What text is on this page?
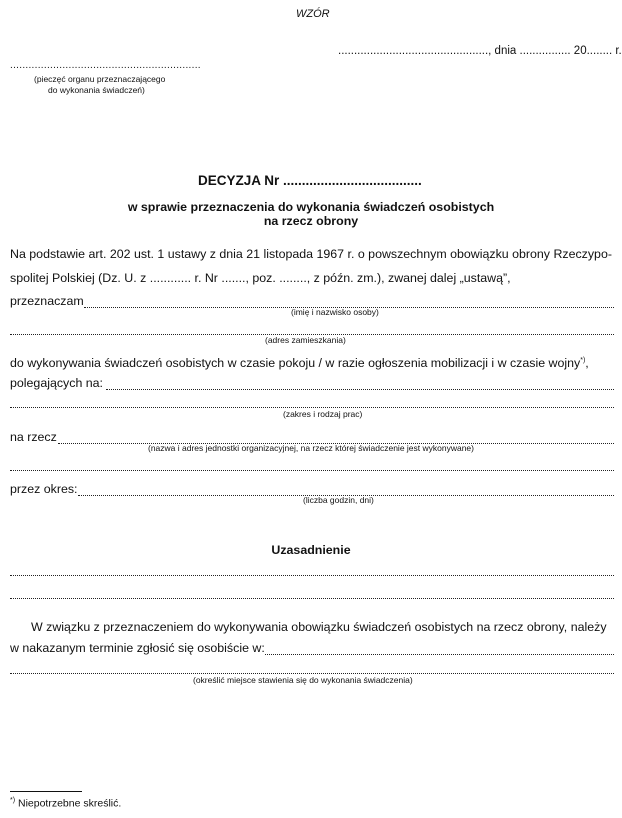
WZÓR
..............................................., dnia ................ 20........ r.
..............................................................
(pieczęć organu przeznaczającego
do wykonania świadczeń)
DECYZJA Nr .....................................
w sprawie przeznaczenia do wykonania świadczeń osobistych
na rzecz obrony
Na podstawie art. 202 ust. 1 ustawy z dnia 21 listopada 1967 r. o powszechnym obowiązku obrony Rzeczypo-
spolitej Polskiej (Dz. U. z ............ r. Nr ......., poz. ........, z późn. zm.), zwanej dalej „ustawą”,
przeznaczam
(imię i nazwisko osoby)
(adres zamieszkania)
do wykonywania świadczeń osobistych w czasie pokoju / w razie ogłoszenia mobilizacji i w czasie wojny*),
polegających na:
(zakres i rodzaj prac)
na rzecz
(nazwa i adres jednostki organizacyjnej, na rzecz której świadczenie jest wykonywane)
przez okres:
(liczba godzin, dni)
Uzasadnienie
W związku z przeznaczeniem do wykonywania obowiązku świadczeń osobistych na rzecz obrony, należy
w nakazanym terminie zgłosić się osobiście w:
(określić miejsce stawienia się do wykonania świadczenia)
*) Niepotrzebne skreślić.
